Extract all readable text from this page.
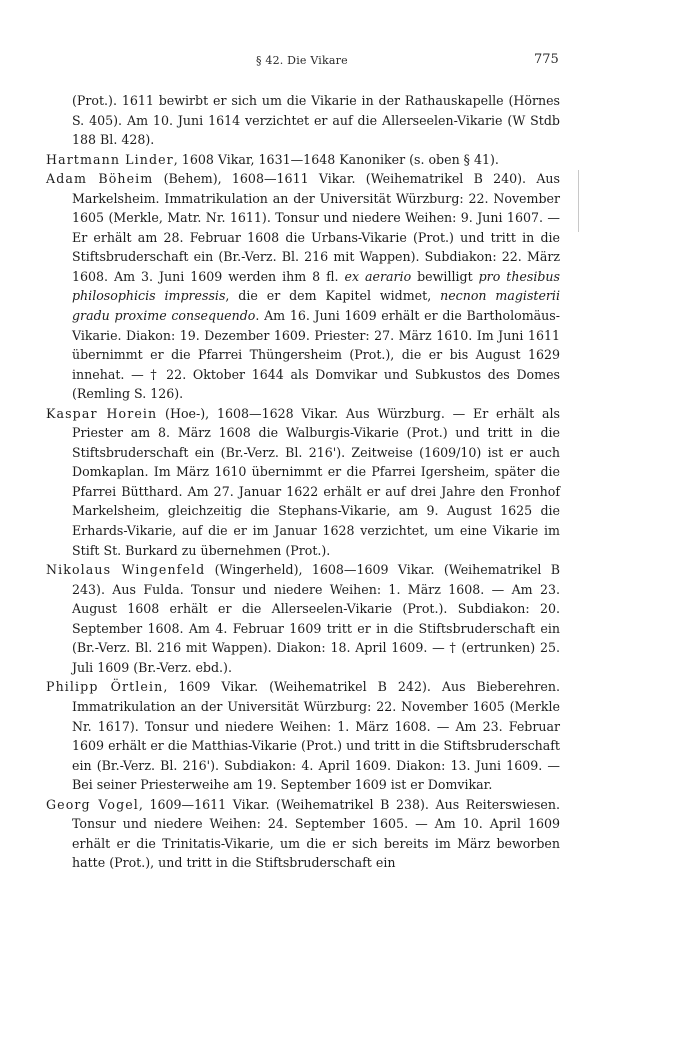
§ 42. Die Vikare	775

(Prot.). 1611 bewirbt er sich um die Vikarie in der Rathauskapelle (Hörnes S. 405). Am 10. Juni 1614 verzichtet er auf die Allerseelen-Vikarie (W Stdb 188 Bl. 428).

Hartmann Linder, 1608 Vikar, 1631—1648 Kanoniker (s. oben § 41).

Adam Böheim (Behem), 1608—1611 Vikar. (Weihematrikel B 240). Aus Markelsheim. Immatrikulation an der Universität Würzburg: 22. November 1605 (Merkle, Matr. Nr. 1611). Tonsur und niedere Weihen: 9. Juni 1607. — Er erhält am 28. Februar 1608 die Urbans-Vikarie (Prot.) und tritt in die Stiftsbruderschaft ein (Br.-Verz. Bl. 216 mit Wappen). Subdiakon: 22. März 1608. Am 3. Juni 1609 werden ihm 8 fl. ex aerario bewilligt pro thesibus philosophicis impressis, die er dem Kapitel widmet, necnon magisterii gradu proxime consequendo. Am 16. Juni 1609 erhält er die Bartholomäus-Vikarie. Diakon: 19. Dezember 1609. Priester: 27. März 1610. Im Juni 1611 übernimmt er die Pfarrei Thüngersheim (Prot.), die er bis August 1629 innehat. — † 22. Oktober 1644 als Domvikar und Subkustos des Domes (Remling S. 126).

Kaspar Horein (Hoe-), 1608—1628 Vikar. Aus Würzburg. — Er erhält als Priester am 8. März 1608 die Walburgis-Vikarie (Prot.) und tritt in die Stiftsbruderschaft ein (Br.-Verz. Bl. 216'). Zeitweise (1609/10) ist er auch Domkaplan. Im März 1610 übernimmt er die Pfarrei Igersheim, später die Pfarrei Bütthard. Am 27. Januar 1622 erhält er auf drei Jahre den Fronhof Markelsheim, gleichzeitig die Stephans-Vikarie, am 9. August 1625 die Erhards-Vikarie, auf die er im Januar 1628 verzichtet, um eine Vikarie im Stift St. Burkard zu übernehmen (Prot.).

Nikolaus Wingenfeld (Wingerheld), 1608—1609 Vikar. (Weihematrikel B 243). Aus Fulda. Tonsur und niedere Weihen: 1. März 1608. — Am 23. August 1608 erhält er die Allerseelen-Vikarie (Prot.). Subdiakon: 20. September 1608. Am 4. Februar 1609 tritt er in die Stiftsbruderschaft ein (Br.-Verz. Bl. 216 mit Wappen). Diakon: 18. April 1609. — † (ertrunken) 25. Juli 1609 (Br.-Verz. ebd.).

Philipp Örtlein, 1609 Vikar. (Weihematrikel B 242). Aus Bieberehren. Immatrikulation an der Universität Würzburg: 22. November 1605 (Merkle Nr. 1617). Tonsur und niedere Weihen: 1. März 1608. — Am 23. Februar 1609 erhält er die Matthias-Vikarie (Prot.) und tritt in die Stiftsbruderschaft ein (Br.-Verz. Bl. 216'). Subdiakon: 4. April 1609. Diakon: 13. Juni 1609. — Bei seiner Priesterweihe am 19. September 1609 ist er Domvikar.

Georg Vogel, 1609—1611 Vikar. (Weihematrikel B 238). Aus Reiterswiesen. Tonsur und niedere Weihen: 24. September 1605. — Am 10. April 1609 erhält er die Trinitatis-Vikarie, um die er sich bereits im März beworben hatte (Prot.), und tritt in die Stiftsbruderschaft ein
